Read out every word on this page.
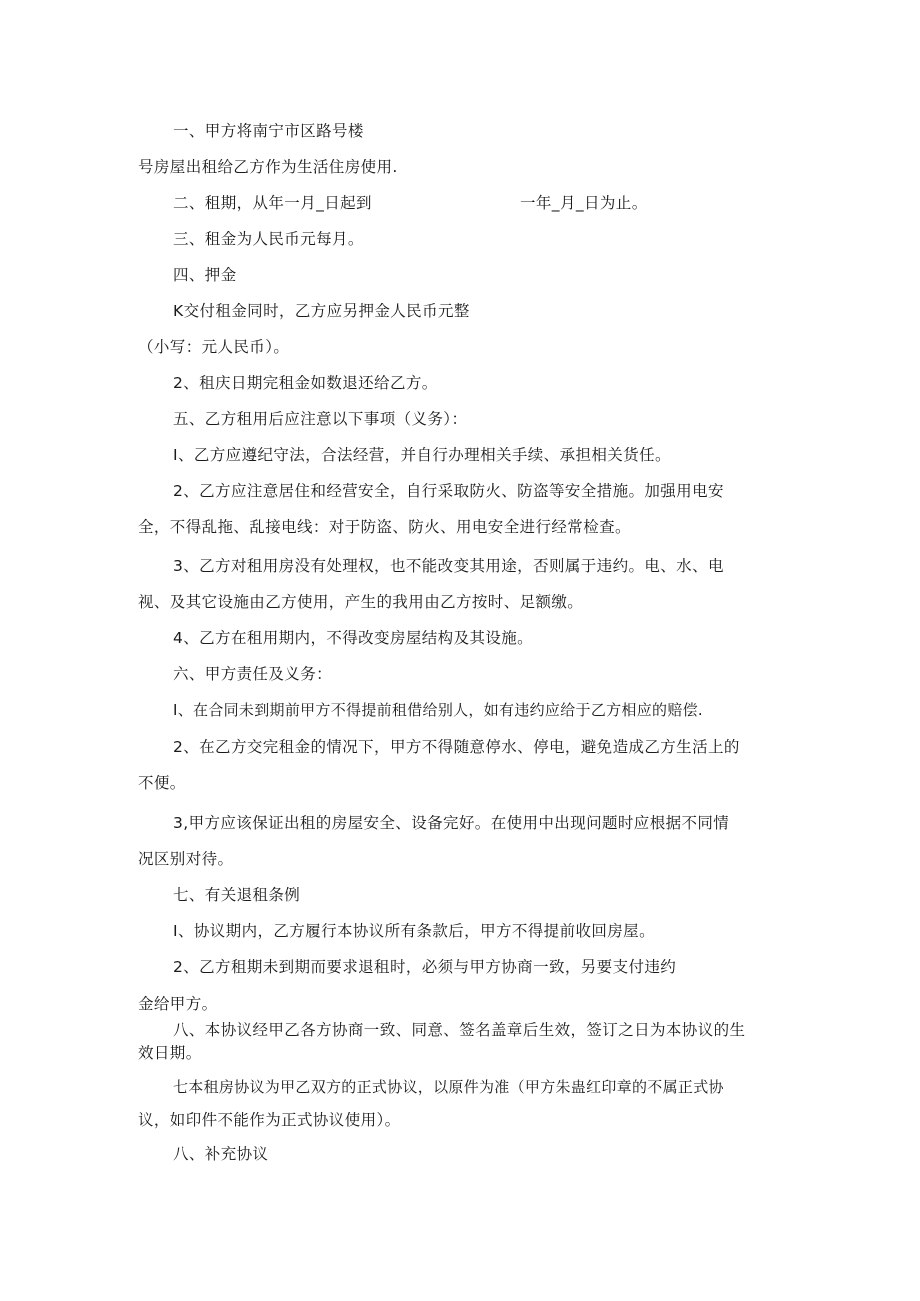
一、甲方将南宁市区路号楼
号房屋出租给乙方作为生活住房使用.
二、租期，从年一月_日起到	一年_月_日为止。
三、租金为人民币元每月。
四、押金
K交付租金同时，乙方应另押金人民币元整
（小写：元人民币）。
2、租庆日期完租金如数退还给乙方。
五、乙方租用后应注意以下事项（义务）：
I、乙方应遵纪守法，合法经营，并自行办理相关手续、承担相关货任。
2、乙方应注意居住和经营安全，自行采取防火、防盗等安全措施。加强用电安
全，不得乱拖、乱接电线：对于防盗、防火、用电安全进行经常检查。
3、乙方对租用房没有处理权，也不能改变其用途，否则属于违约。电、水、电
视、及其它设施由乙方使用，产生的我用由乙方按时、足额缴。
4、乙方在租用期内，不得改变房屋结构及其设施。
六、甲方责任及义务：
I、在合同未到期前甲方不得提前租借给别人，如有违约应给于乙方相应的赔偿.
2、在乙方交完租金的情况下，甲方不得随意停水、停电，避免造成乙方生活上的
不便。
3,甲方应该保证出租的房屋安全、设备完好。在使用中出现问题时应根据不同情
况区别对待。
七、有关退租条例
I、协议期内，乙方履行本协议所有条款后，甲方不得提前收回房屋。
2、乙方租期未到期而要求退租时，必须与甲方协商一致，另要支付违约
金给甲方。
八、本协议经甲乙各方协商一致、同意、签名盖章后生效，签订之日为本协议的生
效日期。
七本租房协议为甲乙双方的正式协议，以原件为准（甲方朱蛊红印章的不属正式协
议，如印件不能作为正式协议使用）。
八、补充协议
